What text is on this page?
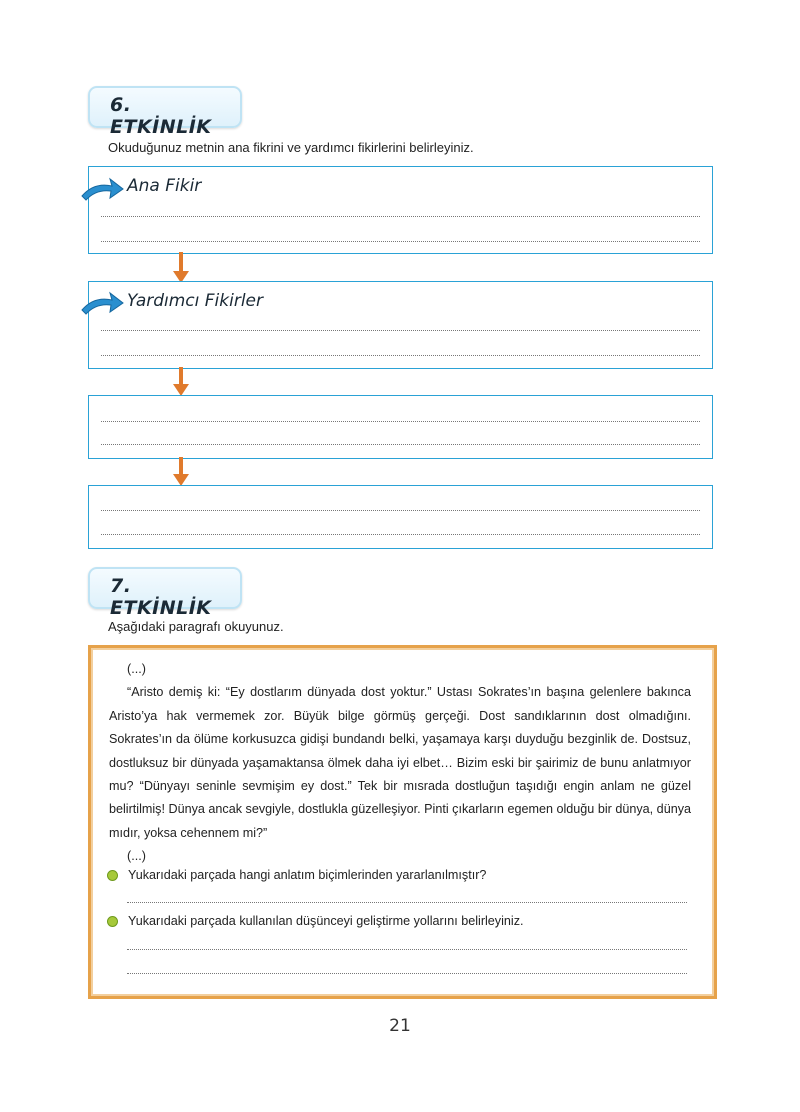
6. ETKİNLİK
Okuduğunuz metnin ana fikrini ve yardımcı fikirlerini belirleyiniz.
Ana Fikir
Yardımcı Fikirler
7. ETKİNLİK
Aşağıdaki paragrafı okuyunuz.

(...)

“Aristo demiş ki: “Ey dostlarım dünyada dost yoktur.” Ustası Sokrates’ın başına gelenlere bakınca Aristo’ya hak vermemek zor. Büyük bilge görmüş gerçeği. Dost sandıklarının dost olmadığını. Sokrates’ın da ölüme korkusuzca gidişi bundandı belki, yaşamaya karşı duyduğu bezginlik de. Dostsuz, dostluksuz bir dünyada yaşamaktansa ölmek daha iyi elbet… Bizim eski bir şairimiz de bunu anlatmıyor mu? “Dünyayı seninle sevmişim ey dost.” Tek bir mısrada dostluğun taşıdığı engin anlam ne güzel belirtilmiş! Dünya ancak sevgiyle, dostlukla güzelleşiyor. Pinti çıkarların egemen olduğu bir dünya, dünya mıdır, yoksa cehennem mi?”

(...)

Yukarıdaki parçada hangi anlatım biçimlerinden yararlanılmıştır?
Yukarıdaki parçada kullanılan düşünceyi geliştirme yollarını belirleyiniz.
21
